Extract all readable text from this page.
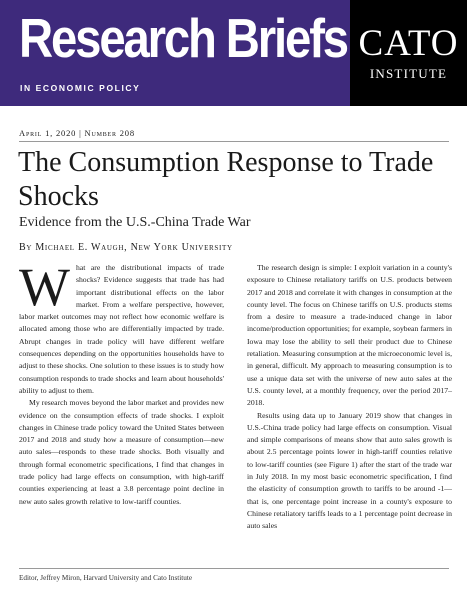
Research Briefs
IN ECONOMIC POLICY
CATO
INSTITUTE
April 1, 2020 | Number 208
The Consumption Response to Trade Shocks
Evidence from the U.S.-China Trade War
By Michael E. Waugh, New York University

What are the distributional impacts of trade shocks? Evidence suggests that trade has had important distributional effects on the labor market. From a welfare perspective, however, labor market outcomes may not reflect how economic welfare is allocated among those who are differentially impacted by trade. Abrupt changes in trade policy will have different welfare consequences depending on the opportunities households have to adjust to these shocks. One solution to these issues is to study how consumption responds to trade shocks and learn about households' ability to adjust to them.

My research moves beyond the labor market and provides new evidence on the consumption effects of trade shocks. I exploit changes in Chinese trade policy toward the United States between 2017 and 2018 and study how a measure of consumption—new auto sales—responds to these trade shocks. Both visually and through formal econometric specifications, I find that changes in trade policy had large effects on consumption, with high-tariff counties experiencing at least a 3.8 percentage point decline in new auto sales growth relative to low-tariff counties.

The research design is simple: I exploit variation in a county's exposure to Chinese retaliatory tariffs on U.S. products between 2017 and 2018 and correlate it with changes in consumption at the county level. The focus on Chinese tariffs on U.S. products stems from a desire to measure a trade-induced change in labor income/production opportunities; for example, soybean farmers in Iowa may lose the ability to sell their product due to Chinese retaliation. Measuring consumption at the microeconomic level is, in general, difficult. My approach to measuring consumption is to use a unique data set with the universe of new auto sales at the U.S. county level, at a monthly frequency, over the period 2017–2018.

Results using data up to January 2019 show that changes in U.S.-China trade policy had large effects on consumption. Visual and simple comparisons of means show that auto sales growth is about 2.5 percentage points lower in high-tariff counties relative to low-tariff counties (see Figure 1) after the start of the trade war in July 2018. In my most basic econometric specification, I find the elasticity of consumption growth to tariffs to be around -1—that is, one percentage point increase in a county's exposure to Chinese retaliatory tariffs leads to a 1 percentage point decrease in auto sales

Editor, Jeffrey Miron, Harvard University and Cato Institute
